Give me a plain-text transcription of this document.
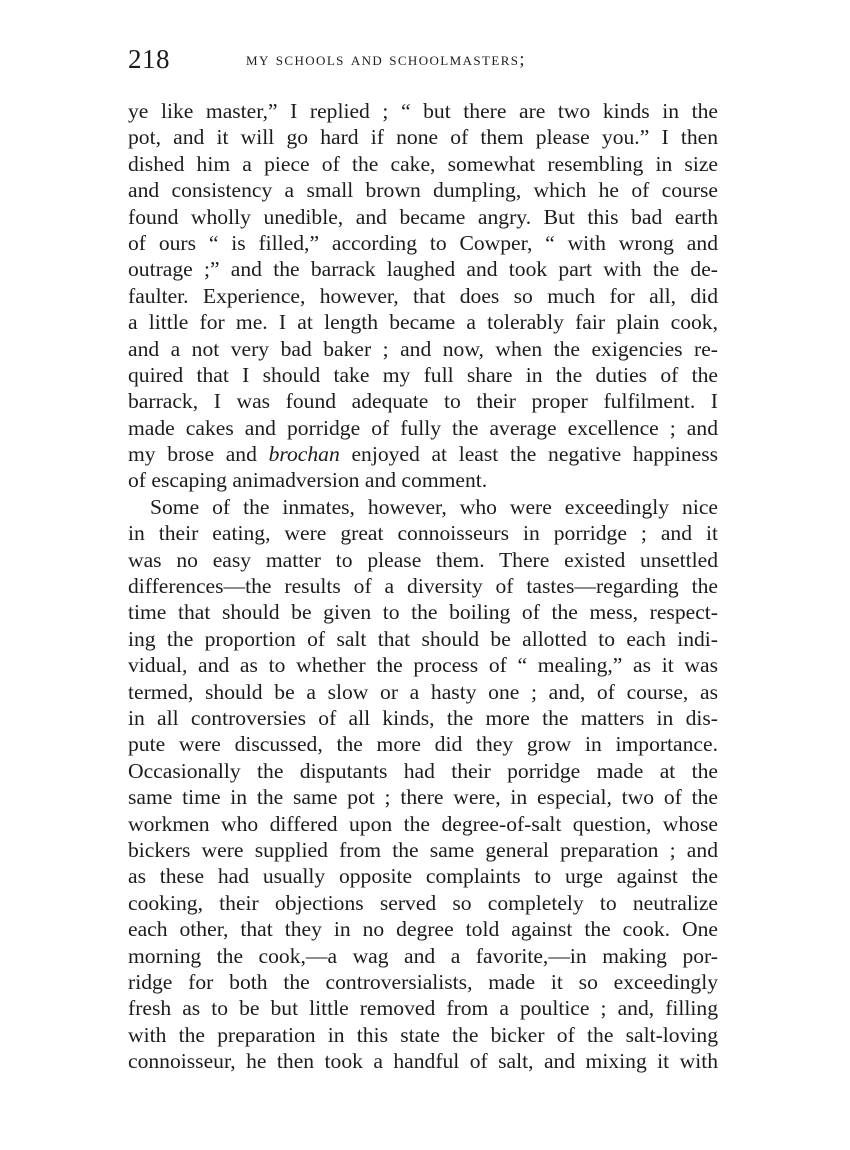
218	my schools and schoolmasters;
ye like master,” I replied ; “ but there are two kinds in the
pot, and it will go hard if none of them please you.” I then
dished him a piece of the cake, somewhat resembling in size
and consistency a small brown dumpling, which he of course
found wholly unedible, and became angry. But this bad earth
of ours “ is filled,” according to Cowper, “ with wrong and
outrage ;” and the barrack laughed and took part with the de-
faulter. Experience, however, that does so much for all, did
a little for me. I at length became a tolerably fair plain cook,
and a not very bad baker ; and now, when the exigencies re-
quired that I should take my full share in the duties of the
barrack, I was found adequate to their proper fulfilment. I
made cakes and porridge of fully the average excellence ; and
my brose and brochan enjoyed at least the negative happiness
of escaping animadversion and comment.
Some of the inmates, however, who were exceedingly nice
in their eating, were great connoisseurs in porridge ; and it
was no easy matter to please them. There existed unsettled
differences—the results of a diversity of tastes—regarding the
time that should be given to the boiling of the mess, respect-
ing the proportion of salt that should be allotted to each indi-
vidual, and as to whether the process of “ mealing,” as it was
termed, should be a slow or a hasty one ; and, of course, as
in all controversies of all kinds, the more the matters in dis-
pute were discussed, the more did they grow in importance.
Occasionally the disputants had their porridge made at the
same time in the same pot ; there were, in especial, two of the
workmen who differed upon the degree-of-salt question, whose
bickers were supplied from the same general preparation ; and
as these had usually opposite complaints to urge against the
cooking, their objections served so completely to neutralize
each other, that they in no degree told against the cook. One
morning the cook,—a wag and a favorite,—in making por-
ridge for both the controversialists, made it so exceedingly
fresh as to be but little removed from a poultice ; and, filling
with the preparation in this state the bicker of the salt-loving
connoisseur, he then took a handful of salt, and mixing it with
